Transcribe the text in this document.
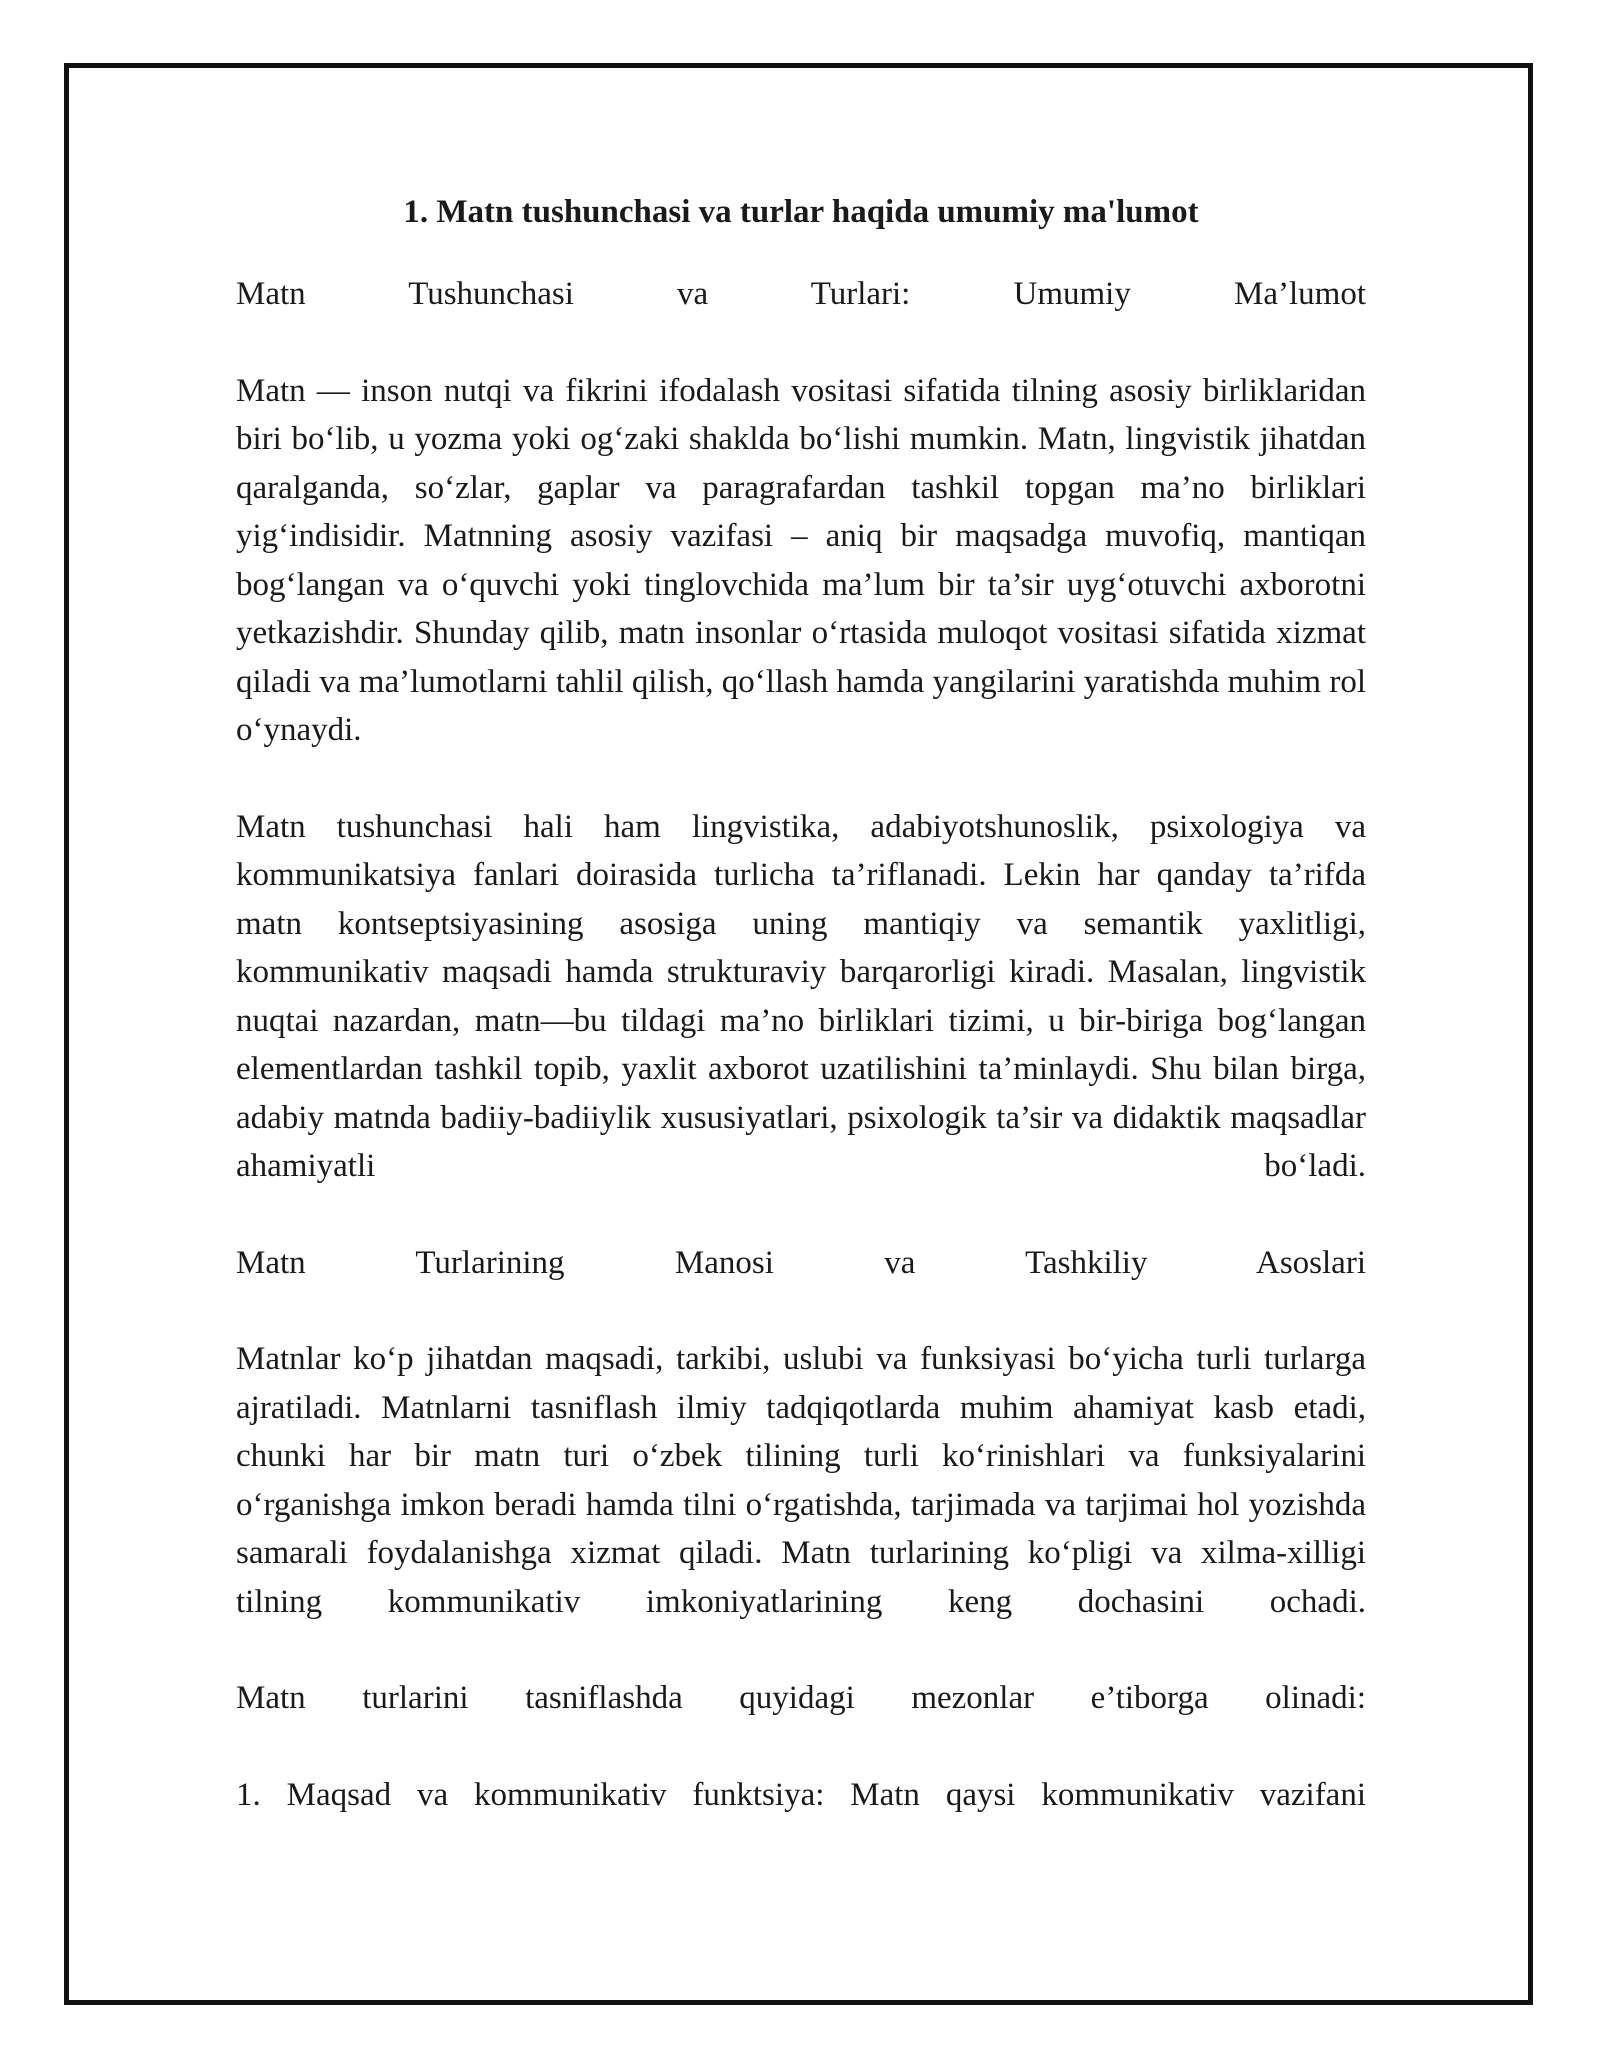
1. Matn tushunchasi va turlar haqida umumiy ma'lumot

Matn Tushunchasi va Turlari: Umumiy Ma’lumot

Matn — inson nutqi va fikrini ifodalash vositasi sifatida tilning asosiy birliklaridan biri bo‘lib, u yozma yoki og‘zaki shaklda bo‘lishi mumkin. Matn, lingvistik jihatdan qaralganda, so‘zlar, gaplar va paragrafardan tashkil topgan ma’no birliklari yig‘indisidir. Matnning asosiy vazifasi – aniq bir maqsadga muvofiq, mantiqan bog‘langan va o‘quvchi yoki tinglovchida ma’lum bir ta’sir uyg‘otuvchi axborotni yetkazishdir. Shunday qilib, matn insonlar o‘rtasida muloqot vositasi sifatida xizmat qiladi va ma’lumotlarni tahlil qilish, qo‘llash hamda yangilarini yaratishda muhim rol o‘ynaydi.

Matn tushunchasi hali ham lingvistika, adabiyotshunoslik, psixologiya va kommunikatsiya fanlari doirasida turlicha ta’riflanadi. Lekin har qanday ta’rifda matn kontseptsiyasining asosiga uning mantiqiy va semantik yaxlitligi, kommunikativ maqsadi hamda strukturaviy barqarorligi kiradi. Masalan, lingvistik nuqtai nazardan, matn—bu tildagi ma’no birliklari tizimi, u bir-biriga bog‘langan elementlardan tashkil topib, yaxlit axborot uzatilishini ta’minlaydi. Shu bilan birga, adabiy matnda badiiy-badiiylik xususiyatlari, psixologik ta’sir va didaktik maqsadlar ahamiyatli bo‘ladi.

Matn Turlarining Manosi va Tashkiliy Asoslari

Matnlar ko‘p jihatdan maqsadi, tarkibi, uslubi va funksiyasi bo‘yicha turli turlarga ajratiladi. Matnlarni tasniflash ilmiy tadqiqotlarda muhim ahamiyat kasb etadi, chunki har bir matn turi o‘zbek tilining turli ko‘rinishlari va funksiyalarini o‘rganishga imkon beradi hamda tilni o‘rgatishda, tarjimada va tarjimai hol yozishda samarali foydalanishga xizmat qiladi. Matn turlarining ko‘pligi va xilma-xilligi tilning kommunikativ imkoniyatlarining keng dochasini ochadi.

Matn turlarini tasniflashda quyidagi mezonlar e’tiborga olinadi:

1. Maqsad va kommunikativ funktsiya: Matn qaysi kommunikativ vazifani
